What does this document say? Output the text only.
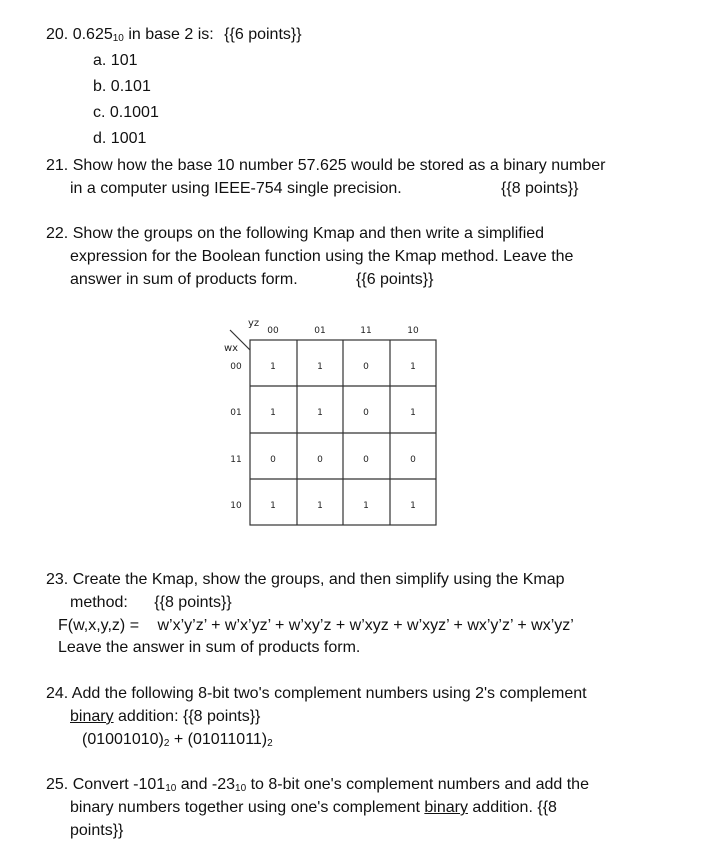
20. $0.625_{10}$ in base 2 is: {{6 points}}
a. 101
b. 0.101
c. 0.1001
d. 1001
21. Show how the base 10 number 57.625 would be stored as a binary number
in a computer using IEEE-754 single precision.	{{8 points}}
22. Show the groups on the following Kmap and then write a simplified
expression for the Boolean function using the Kmap method. Leave the
answer in sum of products form.	{{6 points}}
yz
wx
00	01	11	10
00
01
11
10
1	1	0	1
1	1	0	1
0	0	0	0
1	1	1	1
23. Create the Kmap, show the groups, and then simplify using the Kmap
method: {{8 points}}
F(w,x,y,z) = w’x’y’z’ + w’x’yz’ + w’xy’z + w’xyz + w’xyz’ + wx’y’z’ + wx’yz’
Leave the answer in sum of products form.
24. Add the following 8-bit two's complement numbers using 2's complement
binary addition: {{8 points}}
$(01001010)_2 + (01011011)_2$
25. Convert $-101_{10}$ and $-23_{10}$ to 8-bit one's complement numbers and add the
binary numbers together using one's complement binary addition. {{8
points}}
